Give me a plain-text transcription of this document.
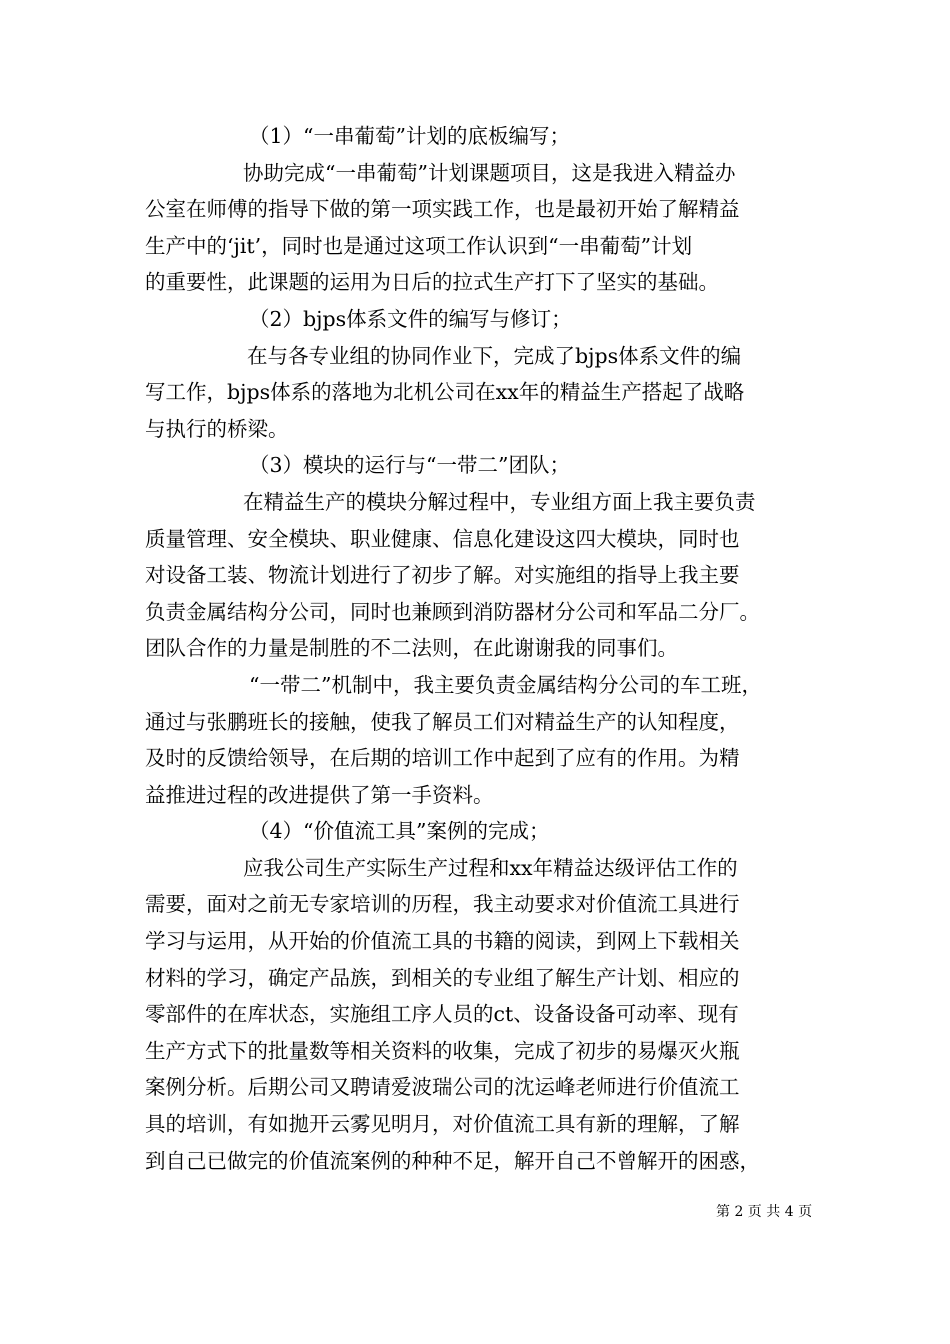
（1）“一串葡萄”计划的底板编写；
协助完成“一串葡萄”计划课题项目，这是我进入精益办
公室在师傅的指导下做的第一项实践工作，也是最初开始了解精益
生产中的‘jit’，同时也是通过这项工作认识到“一串葡萄”计划
的重要性，此课题的运用为日后的拉式生产打下了坚实的基础。
（2）bjps体系文件的编写与修订；
在与各专业组的协同作业下，完成了bjps体系文件的编
写工作，bjps体系的落地为北机公司在xx年的精益生产搭起了战略
与执行的桥梁。
（3）模块的运行与“一带二”团队；
在精益生产的模块分解过程中，专业组方面上我主要负责
质量管理、安全模块、职业健康、信息化建设这四大模块，同时也
对设备工装、物流计划进行了初步了解。对实施组的指导上我主要
负责金属结构分公司，同时也兼顾到消防器材分公司和军品二分厂。
团队合作的力量是制胜的不二法则，在此谢谢我的同事们。
“一带二”机制中，我主要负责金属结构分公司的车工班，
通过与张鹏班长的接触，使我了解员工们对精益生产的认知程度，
及时的反馈给领导，在后期的培训工作中起到了应有的作用。为精
益推进过程的改进提供了第一手资料。
（4）“价值流工具”案例的完成；
应我公司生产实际生产过程和xx年精益达级评估工作的
需要，面对之前无专家培训的历程，我主动要求对价值流工具进行
学习与运用，从开始的价值流工具的书籍的阅读，到网上下载相关
材料的学习，确定产品族，到相关的专业组了解生产计划、相应的
零部件的在库状态，实施组工序人员的ct、设备设备可动率、现有
生产方式下的批量数等相关资料的收集，完成了初步的易爆灭火瓶
案例分析。后期公司又聘请爱波瑞公司的沈运峰老师进行价值流工
具的培训，有如拋开云雾见明月，对价值流工具有新的理解，了解
到自己已做完的价值流案例的种种不足，解开自己不曾解开的困惑，
第 2 页 共 4 页
